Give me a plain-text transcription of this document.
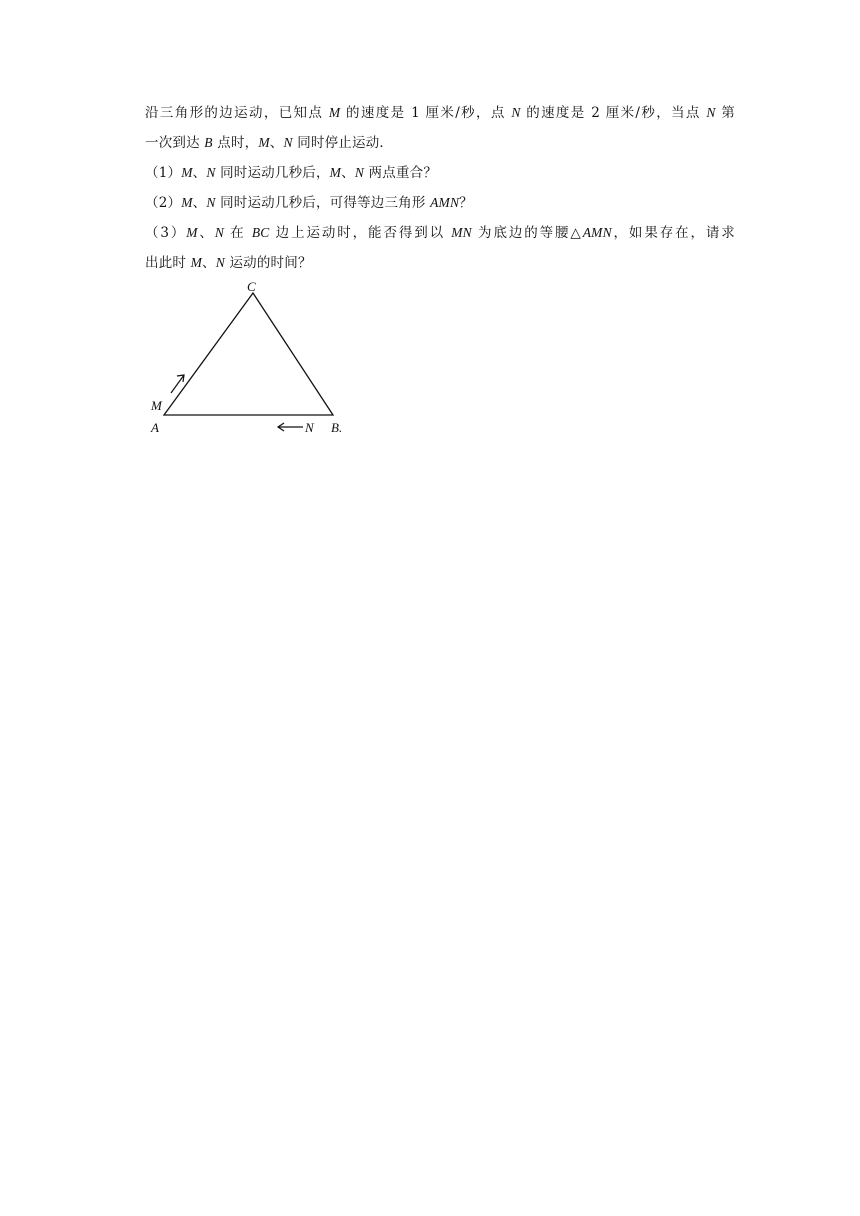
沿三角形的边运动，已知点 M 的速度是 1 厘米/秒，点 N 的速度是 2 厘米/秒，当点 N 第
一次到达 B 点时，M、N 同时停止运动．
（1）M、N 同时运动几秒后，M、N 两点重合？
（2）M、N 同时运动几秒后，可得等边三角形 AMN？
（3）M、N 在 BC 边上运动时，能否得到以 MN 为底边的等腰△AMN，如果存在，请求
出此时 M、N 运动的时间？
C
M
A	N B.
